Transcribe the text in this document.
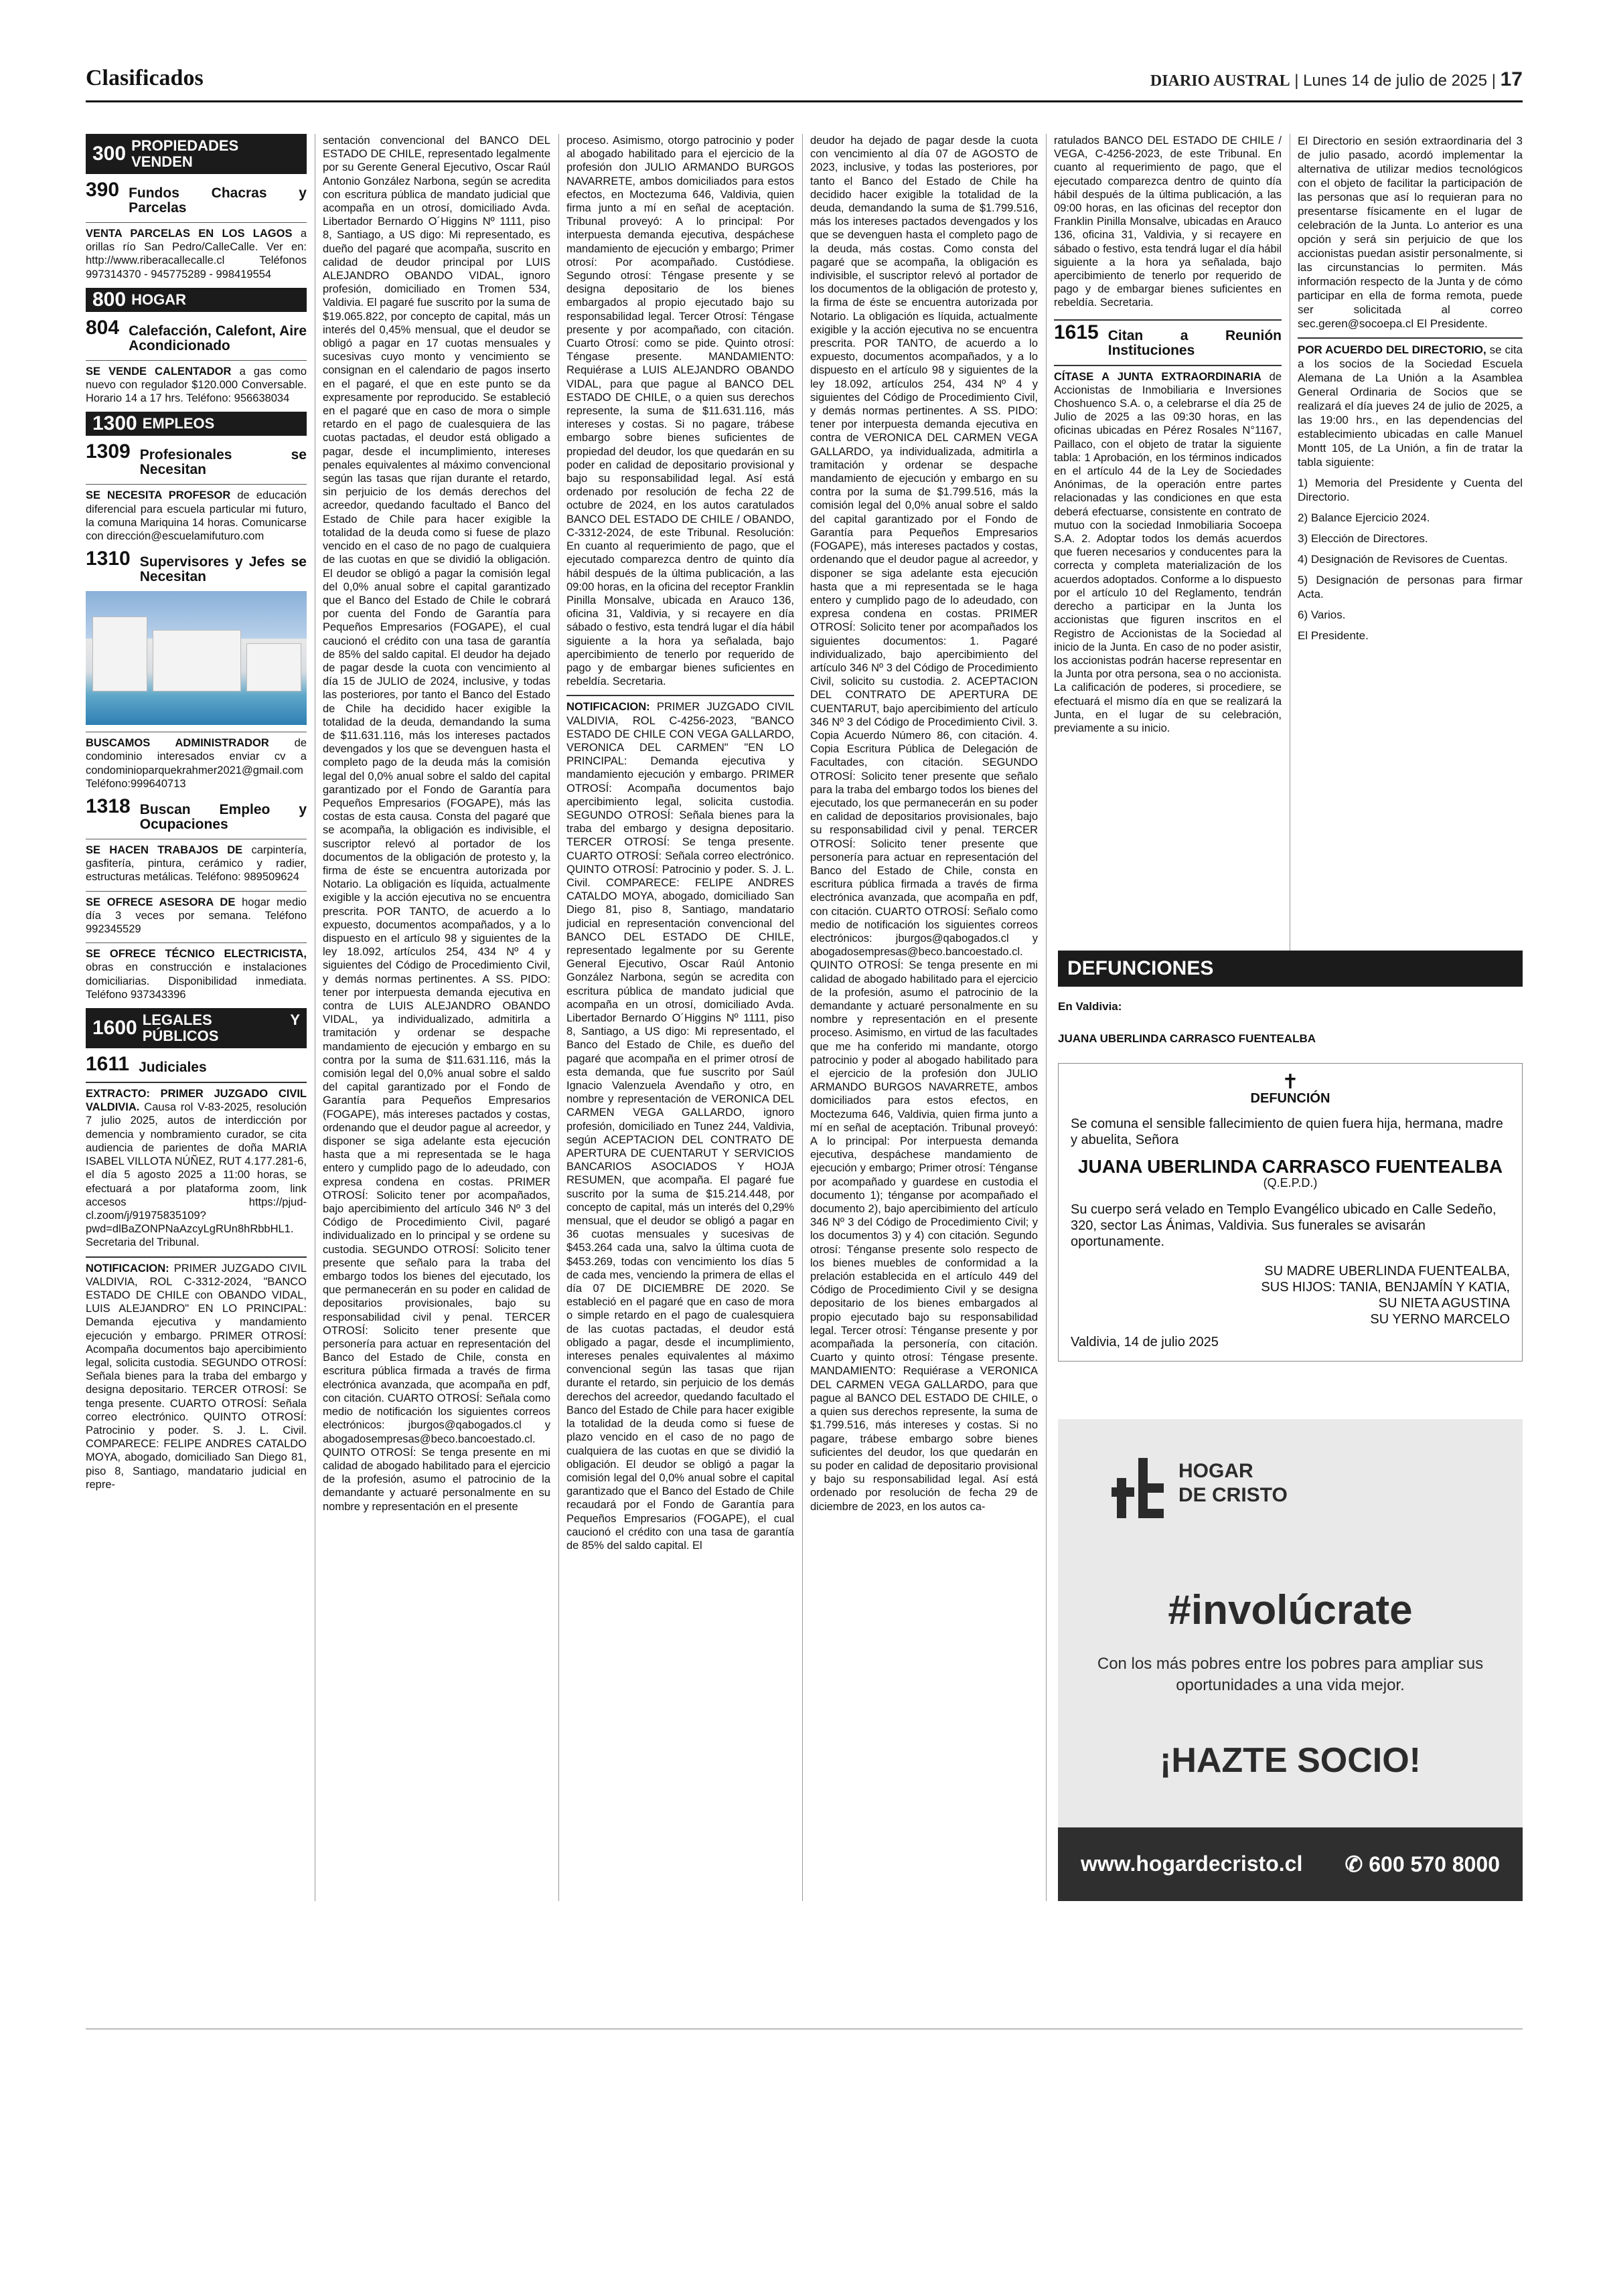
Clasificados	DIARIO AUSTRAL | Lunes 14 de julio de 2025 | 17
300 PROPIEDADES VENDEN
390 Fundos Chacras y Parcelas

VENTA PARCELAS EN LOS LAGOS a orillas río San Pedro/CalleCalle. Ver en: http://www.riberacallecalle.cl Teléfonos 997314370 - 945775289 - 998419554

800 HOGAR
804 Calefacción, Calefont, Aire Acondicionado

SE VENDE CALENTADOR a gas como nuevo con regulador $120.000 Conversable. Horario 14 a 17 hrs. Teléfono: 956638034

1300 EMPLEOS
1309 Profesionales se Necesitan

SE NECESITA PROFESOR de educación diferencial para escuela particular mi futuro, la comuna Mariquina 14 horas. Comunicarse con dirección@escuelamifuturo.com

1310 Supervisores y Jefes se Necesitan

BUSCAMOS ADMINISTRADOR de condominio interesados enviar cv a condominioparquekrahmer2021@gmail.com Teléfono:999640713

1318 Buscan Empleo y Ocupaciones

SE HACEN TRABAJOS DE carpintería, gasfitería, pintura, cerámico y radier, estructuras metálicas. Teléfono: 989509624

SE OFRECE ASESORA DE hogar medio día 3 veces por semana. Teléfono 992345529

SE OFRECE TÉCNICO ELECTRICISTA, obras en construcción e instalaciones domiciliarias. Disponibilidad inmediata. Teléfono 937343396

1600 LEGALES Y PÚBLICOS
1611 Judiciales

EXTRACTO: PRIMER JUZGADO CIVIL VALDIVIA. Causa rol V-83-2025, resolución 7 julio 2025, autos de interdicción por demencia y nombramiento curador, se cita audiencia de parientes de doña MARIA ISABEL VILLOTA NÚÑEZ, RUT 4.177.281-6, el día 5 agosto 2025 a 11:00 horas, se efectuará a por plataforma zoom, link accesos https://pjud-cl.zoom/j/91975835109?pwd=dlBaZONPNaAzcyLgRUn8hRbbHL1. Secretaria del Tribunal.

NOTIFICACION: PRIMER JUZGADO CIVIL VALDIVIA, ROL C-3312-2024, "BANCO ESTADO DE CHILE con OBANDO VIDAL, LUIS ALEJANDRO" EN LO PRINCIPAL: Demanda ejecutiva y mandamiento ejecución y embargo. PRIMER OTROSÍ: Acompaña documentos bajo apercibimiento legal, solicita custodia. SEGUNDO OTROSÍ: Señala bienes para la traba del embargo y designa depositario. TERCER OTROSÍ: Se tenga presente. CUARTO OTROSÍ: Señala correo electrónico. QUINTO OTROSÍ: Patrocinio y poder. S. J. L. Civil. COMPARECE: FELIPE ANDRES CATALDO MOYA, abogado, domiciliado San Diego 81, piso 8, Santiago, mandatario judicial en repre-

sentación convencional del BANCO DEL ESTADO DE CHILE, representado legalmente por su Gerente General Ejecutivo, Oscar Raúl Antonio González Narbona, según se acredita con escritura pública de mandato judicial que acompaña en un otrosí, domiciliado Avda. Libertador Bernardo O´Higgins Nº 1111, piso 8, Santiago, a US digo: Mi representado, es dueño del pagaré que acompaña, suscrito en calidad de deudor principal por LUIS ALEJANDRO OBANDO VIDAL, ignoro profesión, domiciliado en Tromen 534, Valdivia. El pagaré fue suscrito por la suma de $19.065.822, por concepto de capital, más un interés del 0,45% mensual, que el deudor se obligó a pagar en 17 cuotas mensuales y sucesivas cuyo monto y vencimiento se consignan en el calendario de pagos inserto en el pagaré, el que en este punto se da expresamente por reproducido. Se estableció en el pagaré que en caso de mora o simple retardo en el pago de cualesquiera de las cuotas pactadas, el deudor está obligado a pagar, desde el incumplimiento, intereses penales equivalentes al máximo convencional según las tasas que rijan durante el retardo, sin perjuicio de los demás derechos del acreedor, quedando facultado el Banco del Estado de Chile para hacer exigible la totalidad de la deuda como si fuese de plazo vencido en el caso de no pago de cualquiera de las cuotas en que se dividió la obligación. El deudor se obligó a pagar la comisión legal del 0,0% anual sobre el capital garantizado que el Banco del Estado de Chile le cobrará por cuenta del Fondo de Garantía para Pequeños Empresarios (FOGAPE), el cual caucionó el crédito con una tasa de garantía de 85% del saldo capital. El deudor ha dejado de pagar desde la cuota con vencimiento al día 15 de JULIO de 2024, inclusive, y todas las posteriores, por tanto el Banco del Estado de Chile ha decidido hacer exigible la totalidad de la deuda, demandando la suma de $11.631.116, más los intereses pactados devengados y los que se devenguen hasta el completo pago de la deuda más la comisión legal del 0,0% anual sobre el saldo del capital garantizado por el Fondo de Garantía para Pequeños Empresarios (FOGAPE), más las costas de esta causa. Consta del pagaré que se acompaña, la obligación es indivisible, el suscriptor relevó al portador de los documentos de la obligación de protesto y, la firma de éste se encuentra autorizada por Notario. La obligación es líquida, actualmente exigible y la acción ejecutiva no se encuentra prescrita. POR TANTO, de acuerdo a lo expuesto, documentos acompañados, y a lo dispuesto en el artículo 98 y siguientes de la ley 18.092, artículos 254, 434 Nº 4 y siguientes del Código de Procedimiento Civil, y demás normas pertinentes. A SS. PIDO: tener por interpuesta demanda ejecutiva en contra de LUIS ALEJANDRO OBANDO VIDAL, ya individualizado, admitirla a tramitación y ordenar se despache mandamiento de ejecución y embargo en su contra por la suma de $11.631.116, más la comisión legal del 0,0% anual sobre el saldo del capital garantizado por el Fondo de Garantía para Pequeños Empresarios (FOGAPE), más intereses pactados y costas, ordenando que el deudor pague al acreedor, y disponer se siga adelante esta ejecución hasta que a mi representada se le haga entero y cumplido pago de lo adeudado, con expresa condena en costas. PRIMER OTROSÍ: Solicito tener por acompañados, bajo apercibimiento del artículo 346 Nº 3 del Código de Procedimiento Civil, pagaré individualizado en lo principal y se ordene su custodia. SEGUNDO OTROSÍ: Solicito tener presente que señalo para la traba del embargo todos los bienes del ejecutado, los que permanecerán en su poder en calidad de depositarios provisionales, bajo su responsabilidad civil y penal. TERCER OTROSÍ: Solicito tener presente que personería para actuar en representación del Banco del Estado de Chile, consta en escritura pública firmada a través de firma electrónica avanzada, que acompaña en pdf, con citación. CUARTO OTROSÍ: Señala como medio de notificación los siguientes correos electrónicos: jburgos@qabogados.cl y abogadosempresas@beco.bancoestado.cl. QUINTO OTROSÍ: Se tenga presente en mi calidad de abogado habilitado para el ejercicio de la profesión, asumo el patrocinio de la demandante y actuaré personalmente en su nombre y representación en el presente

proceso. Asimismo, otorgo patrocinio y poder al abogado habilitado para el ejercicio de la profesión don JULIO ARMANDO BURGOS NAVARRETE, ambos domiciliados para estos efectos, en Moctezuma 646, Valdivia, quien firma junto a mí en señal de aceptación. Tribunal proveyó: A lo principal: Por interpuesta demanda ejecutiva, despáchese mandamiento de ejecución y embargo; Primer otrosí: Por acompañado. Custódiese. Segundo otrosí: Téngase presente y se designa depositario de los bienes embargados al propio ejecutado bajo su responsabilidad legal. Tercer Otrosí: Téngase presente y por acompañado, con citación. Cuarto Otrosí: como se pide. Quinto otrosí: Téngase presente. MANDAMIENTO: Requiérase a LUIS ALEJANDRO OBANDO VIDAL, para que pague al BANCO DEL ESTADO DE CHILE, o a quien sus derechos represente, la suma de $11.631.116, más intereses y costas. Si no pagare, trábese embargo sobre bienes suficientes de propiedad del deudor, los que quedarán en su poder en calidad de depositario provisional y bajo su responsabilidad legal. Así está ordenado por resolución de fecha 22 de octubre de 2024, en los autos caratulados BANCO DEL ESTADO DE CHILE / OBANDO, C-3312-2024, de este Tribunal. Resolución: En cuanto al requerimiento de pago, que el ejecutado comparezca dentro de quinto día hábil después de la última publicación, a las 09:00 horas, en la oficina del receptor Franklin Pinilla Monsalve, ubicada en Arauco 136, oficina 31, Valdivia, y si recayere en día sábado o festivo, esta tendrá lugar el día hábil siguiente a la hora ya señalada, bajo apercibimiento de tenerlo por requerido de pago y de embargar bienes suficientes en rebeldía. Secretaria.

NOTIFICACION: PRIMER JUZGADO CIVIL VALDIVIA, ROL C-4256-2023, "BANCO ESTADO DE CHILE CON VEGA GALLARDO, VERONICA DEL CARMEN" "EN LO PRINCIPAL: Demanda ejecutiva y mandamiento ejecución y embargo. PRIMER OTROSÍ: Acompaña documentos bajo apercibimiento legal, solicita custodia. SEGUNDO OTROSÍ: Señala bienes para la traba del embargo y designa depositario. TERCER OTROSÍ: Se tenga presente. CUARTO OTROSÍ: Señala correo electrónico. QUINTO OTROSÍ: Patrocinio y poder. S. J. L. Civil. COMPARECE: FELIPE ANDRES CATALDO MOYA, abogado, domiciliado San Diego 81, piso 8, Santiago, mandatario judicial en representación convencional del BANCO DEL ESTADO DE CHILE, representado legalmente por su Gerente General Ejecutivo, Oscar Raúl Antonio González Narbona, según se acredita con escritura pública de mandato judicial que acompaña en un otrosí, domiciliado Avda. Libertador Bernardo O´Higgins Nº 1111, piso 8, Santiago, a US digo: Mi representado, el Banco del Estado de Chile, es dueño del pagaré que acompaña en el primer otrosí de esta demanda, que fue suscrito por Saúl Ignacio Valenzuela Avendaño y otro, en nombre y representación de VERONICA DEL CARMEN VEGA GALLARDO, ignoro profesión, domiciliado en Tunez 244, Valdivia, según ACEPTACION DEL CONTRATO DE APERTURA DE CUENTARUT Y SERVICIOS BANCARIOS ASOCIADOS Y HOJA RESUMEN, que acompaña. El pagaré fue suscrito por la suma de $15.214.448, por concepto de capital, más un interés del 0,29% mensual, que el deudor se obligó a pagar en 36 cuotas mensuales y sucesivas de $453.264 cada una, salvo la última cuota de $453.269, todas con vencimiento los días 5 de cada mes, venciendo la primera de ellas el día 07 DE DICIEMBRE DE 2020. Se estableció en el pagaré que en caso de mora o simple retardo en el pago de cualesquiera de las cuotas pactadas, el deudor está obligado a pagar, desde el incumplimiento, intereses penales equivalentes al máximo convencional según las tasas que rijan durante el retardo, sin perjuicio de los demás derechos del acreedor, quedando facultado el Banco del Estado de Chile para hacer exigible la totalidad de la deuda como si fuese de plazo vencido en el caso de no pago de cualquiera de las cuotas en que se dividió la obligación. El deudor se obligó a pagar la comisión legal del 0,0% anual sobre el capital garantizado que el Banco del Estado de Chile recaudará por el Fondo de Garantía para Pequeños Empresarios (FOGAPE), el cual caucionó el crédito con una tasa de garantía de 85% del saldo capital. El

deudor ha dejado de pagar desde la cuota con vencimiento al día 07 de AGOSTO de 2023, inclusive, y todas las posteriores, por tanto el Banco del Estado de Chile ha decidido hacer exigible la totalidad de la deuda, demandando la suma de $1.799.516, más los intereses pactados devengados y los que se devenguen hasta el completo pago de la deuda, más costas. Como consta del pagaré que se acompaña, la obligación es indivisible, el suscriptor relevó al portador de los documentos de la obligación de protesto y, la firma de éste se encuentra autorizada por Notario. La obligación es líquida, actualmente exigible y la acción ejecutiva no se encuentra prescrita. POR TANTO, de acuerdo a lo expuesto, documentos acompañados, y a lo dispuesto en el artículo 98 y siguientes de la ley 18.092, artículos 254, 434 Nº 4 y siguientes del Código de Procedimiento Civil, y demás normas pertinentes. A SS. PIDO: tener por interpuesta demanda ejecutiva en contra de VERONICA DEL CARMEN VEGA GALLARDO, ya individualizada, admitirla a tramitación y ordenar se despache mandamiento de ejecución y embargo en su contra por la suma de $1.799.516, más la comisión legal del 0,0% anual sobre el saldo del capital garantizado por el Fondo de Garantía para Pequeños Empresarios (FOGAPE), más intereses pactados y costas, ordenando que el deudor pague al acreedor, y disponer se siga adelante esta ejecución hasta que a mi representada se le haga entero y cumplido pago de lo adeudado, con expresa condena en costas. PRIMER OTROSÍ: Solicito tener por acompañados los siguientes documentos: 1. Pagaré individualizado, bajo apercibimiento del artículo 346 Nº 3 del Código de Procedimiento Civil, solicito su custodia. 2. ACEPTACION DEL CONTRATO DE APERTURA DE CUENTARUT, bajo apercibimiento del artículo 346 Nº 3 del Código de Procedimiento Civil. 3. Copia Acuerdo Número 86, con citación. 4. Copia Escritura Pública de Delegación de Facultades, con citación. SEGUNDO OTROSÍ: Solicito tener presente que señalo para la traba del embargo todos los bienes del ejecutado, los que permanecerán en su poder en calidad de depositarios provisionales, bajo su responsabilidad civil y penal. TERCER OTROSÍ: Solicito tener presente que personería para actuar en representación del Banco del Estado de Chile, consta en escritura pública firmada a través de firma electrónica avanzada, que acompaña en pdf, con citación. CUARTO OTROSÍ: Señalo como medio de notificación los siguientes correos electrónicos: jburgos@qabogados.cl y abogadosempresas@beco.bancoestado.cl. QUINTO OTROSÍ: Se tenga presente en mi calidad de abogado habilitado para el ejercicio de la profesión, asumo el patrocinio de la demandante y actuaré personalmente en su nombre y representación en el presente proceso. Asimismo, en virtud de las facultades que me ha conferido mi mandante, otorgo patrocinio y poder al abogado habilitado para el ejercicio de la profesión don JULIO ARMANDO BURGOS NAVARRETE, ambos domiciliados para estos efectos, en Moctezuma 646, Valdivia, quien firma junto a mí en señal de aceptación. Tribunal proveyó: A lo principal: Por interpuesta demanda ejecutiva, despáchese mandamiento de ejecución y embargo; Primer otrosí: Ténganse por acompañado y guardese en custodia el documento 1); ténganse por acompañado el documento 2), bajo apercibimiento del artículo 346 Nº 3 del Código de Procedimiento Civil; y los documentos 3) y 4) con citación. Segundo otrosí: Ténganse presente solo respecto de los bienes muebles de conformidad a la prelación establecida en el artículo 449 del Código de Procedimiento Civil y se designa depositario de los bienes embargados al propio ejecutado bajo su responsabilidad legal. Tercer otrosí: Ténganse presente y por acompañada la personería, con citación. Cuarto y quinto otrosí: Téngase presente. MANDAMIENTO: Requiérase a VERONICA DEL CARMEN VEGA GALLARDO, para que pague al BANCO DEL ESTADO DE CHILE, o a quien sus derechos represente, la suma de $1.799.516, más intereses y costas. Si no pagare, trábese embargo sobre bienes suficientes del deudor, los que quedarán en su poder en calidad de depositario provisional y bajo su responsabilidad legal. Así está ordenado por resolución de fecha 29 de diciembre de 2023, en los autos ca-

ratulados BANCO DEL ESTADO DE CHILE / VEGA, C-4256-2023, de este Tribunal. En cuanto al requerimiento de pago, que el ejecutado comparezca dentro de quinto día hábil después de la última publicación, a las 09:00 horas, en las oficinas del receptor don Franklin Pinilla Monsalve, ubicadas en Arauco 136, oficina 31, Valdivia, y si recayere en sábado o festivo, esta tendrá lugar el día hábil siguiente a la hora ya señalada, bajo apercibimiento de tenerlo por requerido de pago y de embargar bienes suficientes en rebeldía. Secretaria.

1615 Citan a Reunión Instituciones

CÍTASE A JUNTA EXTRAORDINARIA de Accionistas de Inmobiliaria e Inversiones Choshuenco S.A. o, a celebrarse el día 25 de Julio de 2025 a las 09:30 horas, en las oficinas ubicadas en Pérez Rosales N°1167, Paillaco, con el objeto de tratar la siguiente tabla: 1 Aprobación, en los términos indicados en el artículo 44 de la Ley de Sociedades Anónimas, de la operación entre partes relacionadas y las condiciones en que esta deberá efectuarse, consistente en contrato de mutuo con la sociedad Inmobiliaria Socoepa S.A. 2. Adoptar todos los demás acuerdos que fueren necesarios y conducentes para la correcta y completa materialización de los acuerdos adoptados. Conforme a lo dispuesto por el artículo 10 del Reglamento, tendrán derecho a participar en la Junta los accionistas que figuren inscritos en el Registro de Accionistas de la Sociedad al inicio de la Junta. En caso de no poder asistir, los accionistas podrán hacerse representar en la Junta por otra persona, sea o no accionista. La calificación de poderes, si procediere, se efectuará el mismo día en que se realizará la Junta, en el lugar de su celebración, previamente a su inicio.

El Directorio en sesión extraordinaria del 3 de julio pasado, acordó implementar la alternativa de utilizar medios tecnológicos con el objeto de facilitar la participación de las personas que así lo requieran para no presentarse físicamente en el lugar de celebración de la Junta. Lo anterior es una opción y será sin perjuicio de que los accionistas puedan asistir personalmente, si las circunstancias lo permiten. Más información respecto de la Junta y de cómo participar en ella de forma remota, puede ser solicitada al correo sec.geren@socoepa.cl El Presidente.

POR ACUERDO DEL DIRECTORIO, se cita a los socios de la Sociedad Escuela Alemana de La Unión a la Asamblea General Ordinaria de Socios que se realizará el día jueves 24 de julio de 2025, a las 19:00 hrs., en las dependencias del establecimiento ubicadas en calle Manuel Montt 105, de La Unión, a fin de tratar la tabla siguiente:

1) Memoria del Presidente y Cuenta del Directorio.

2) Balance Ejercicio 2024.

3) Elección de Directores.

4) Designación de Revisores de Cuentas.

5) Designación de personas para firmar Acta.

6) Varios.

El Presidente.

DEFUNCIONES
En Valdivia:
JUANA UBERLINDA CARRASCO FUENTEALBA
✝
DEFUNCIÓN
Se comuna el sensible fallecimiento de quien fuera hija, hermana, madre y abuelita, Señora
JUANA UBERLINDA CARRASCO FUENTEALBA
(Q.E.P.D.)
Su cuerpo será velado en Templo Evangélico ubicado en Calle Sedeño, 320, sector Las Ánimas, Valdivia. Sus funerales se avisarán oportunamente.
SU MADRE UBERLINDA FUENTEALBA,
SUS HIJOS: TANIA, BENJAMÍN Y KATIA,
SU NIETA AGUSTINA
SU YERNO MARCELO
Valdivia, 14 de julio 2025
HOGAR
DE CRISTO
#involúcrate
Con los más pobres entre los pobres para ampliar sus oportunidades a una vida mejor.
¡HAZTE SOCIO!
www.hogardecristo.cl ✆ 600 570 8000
